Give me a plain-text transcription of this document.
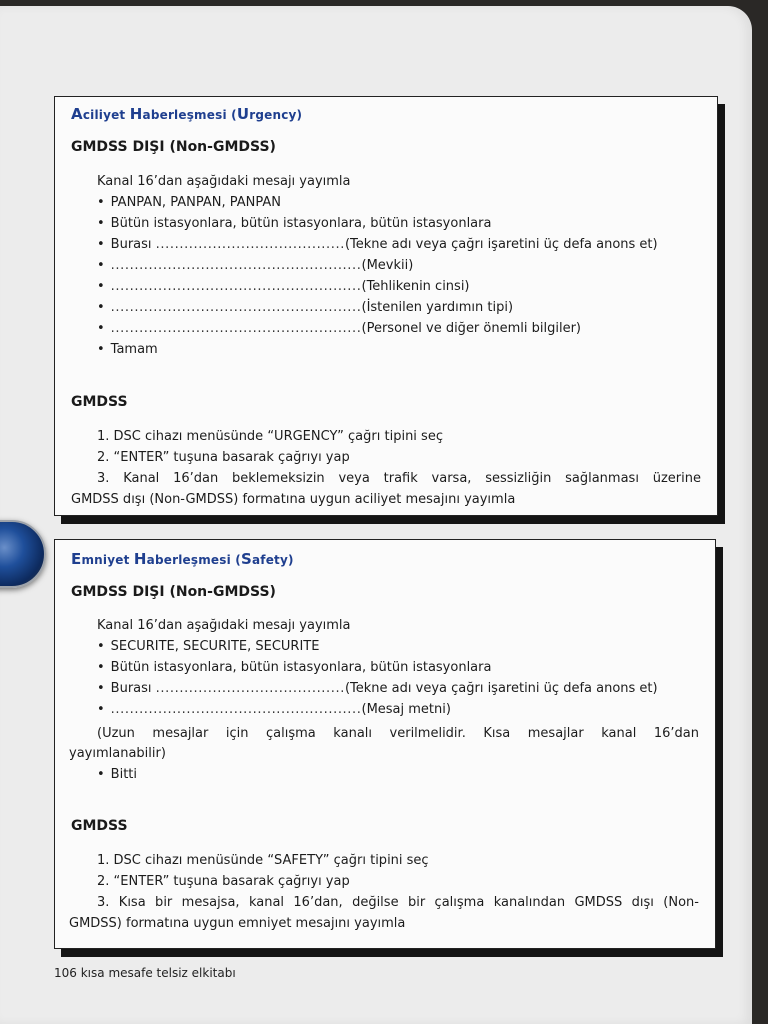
Aciliyet Haberleşmesi (Urgency)
GMDSS DIŞI (Non-GMDSS)
Kanal 16’dan aşağıdaki mesajı yayımla
• PANPAN, PANPAN, PANPAN
• Bütün istasyonlara, bütün istasyonlara, bütün istasyonlara
• Burası ........................................(Tekne adı veya çağrı işaretini üç defa anons et)
• .....................................................(Mevkii)
• .....................................................(Tehlikenin cinsi)
• .....................................................(İstenilen yardımın tipi)
• .....................................................(Personel ve diğer önemli bilgiler)
• Tamam
GMDSS
1. DSC cihazı menüsünde “URGENCY” çağrı tipini seç
2. “ENTER” tuşuna basarak çağrıyı yap
3. Kanal 16’dan beklemeksizin veya trafik varsa, sessizliğin sağlanması üzerine
GMDSS dışı (Non-GMDSS) formatına uygun aciliyet mesajını yayımla
Emniyet Haberleşmesi (Safety)
GMDSS DIŞI (Non-GMDSS)
Kanal 16’dan aşağıdaki mesajı yayımla
• SECURITE, SECURITE, SECURITE
• Bütün istasyonlara, bütün istasyonlara, bütün istasyonlara
• Burası ........................................(Tekne adı veya çağrı işaretini üç defa anons et)
• .....................................................(Mesaj metni)
(Uzun mesajlar için çalışma kanalı verilmelidir. Kısa mesajlar kanal 16’dan
yayımlanabilir)
• Bitti
GMDSS
1. DSC cihazı menüsünde “SAFETY” çağrı tipini seç
2. “ENTER” tuşuna basarak çağrıyı yap
3. Kısa bir mesajsa, kanal 16’dan, değilse bir çalışma kanalından GMDSS dışı (Non-
GMDSS) formatına uygun emniyet mesajını yayımla
106 kısa mesafe telsiz elkitabı
